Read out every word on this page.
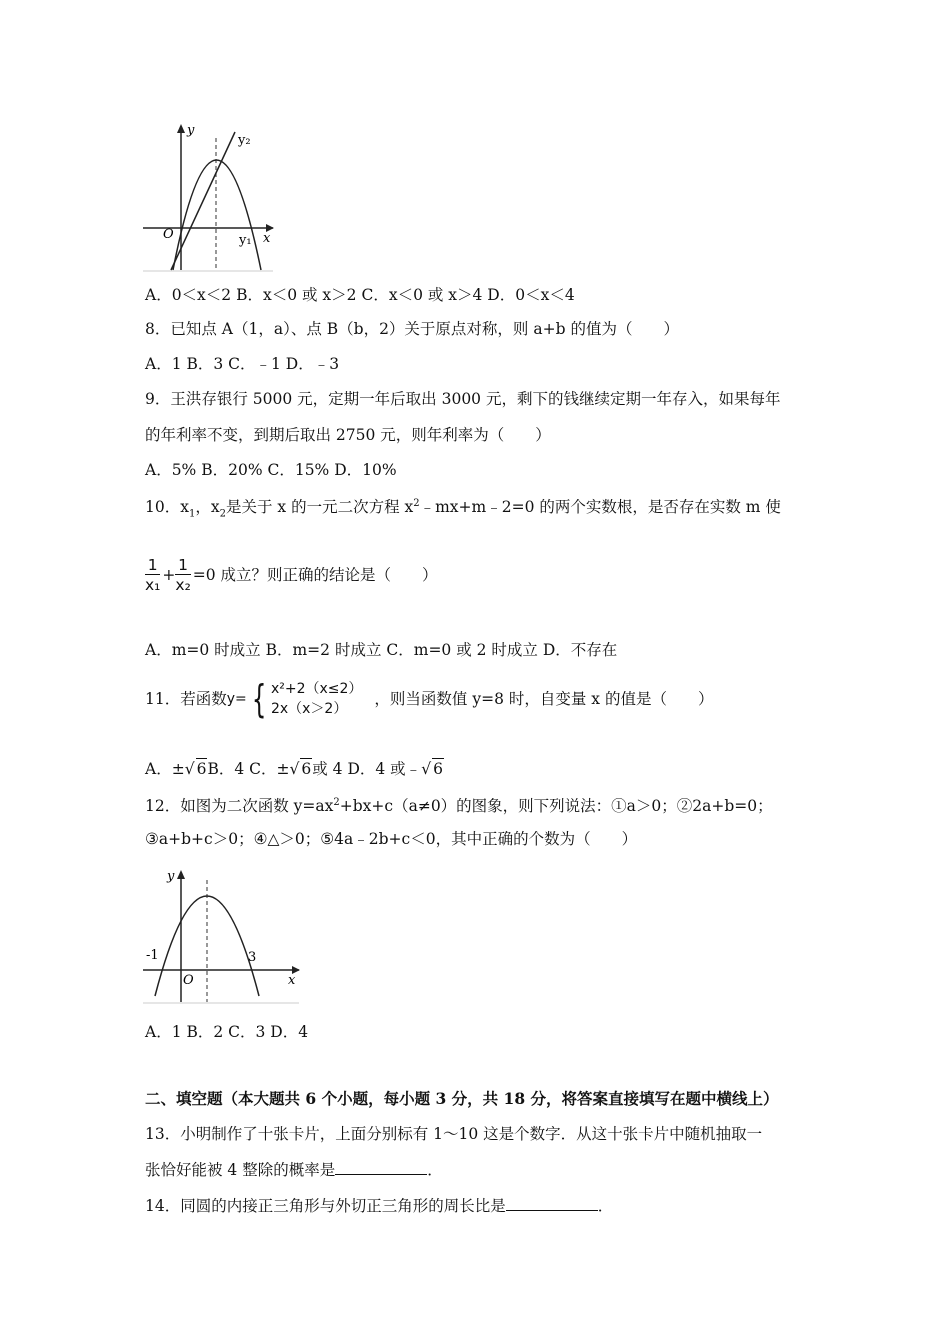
y
y₂
O	y₁ x
A．0＜x＜2 B．x＜0 或 x＞2 C．x＜0 或 x＞4 D．0＜x＜4
8．已知点 A（1，a）、点 B（b，2）关于原点对称，则 a+b 的值为（　　）
A．1 B．3 C．﹣1 D．﹣3
9．王洪存银行 5000 元，定期一年后取出 3000 元，剩下的钱继续定期一年存入，如果每年
的年利率不变，到期后取出 2750 元，则年利率为（　　）
A．5% B．20% C．15% D．10%
10．$x_1$，$x_2$是关于 x 的一元二次方程 $x^2﹣mx+m﹣2=0$ 的两个实数根，是否存在实数 m 使
$\frac{1}{\text{x₁}} + \frac{1}{\text{x₂}} =0$ 成立？则正确的结论是（　　）
A．m=0 时成立 B．m=2 时成立 C．m=0 或 2 时成立 D．不存在
11．若函数y= { x²+2（x≤2）
2x（x＞2）
，则当函数值 y=8 时，自变量 x 的值是（　　）
A．±√ 6B．4 C．±√ 6或 4 D．4 或﹣√ 6
12．如图为二次函数 $y=ax^2+bx+c(a\ne 0)$的图象，则下列说法：①a＞0；②2a+b=0；
③a+b+c＞0；④△＞0；⑤4a﹣2b+c＜0，其中正确的个数为（　　）
y
-1
O
3
x
A．1 B．2 C．3 D．4
二、填空题（本大题共 6 个小题，每小题 3 分，共 18 分，将答案直接填写在题中横线上）
13．小明制作了十张卡片，上面分别标有 1～10 这是个数字．从这十张卡片中随机抽取一
张恰好能被 4 整除的概率是	．
14．同圆的内接正三角形与外切正三角形的周长比是	．
